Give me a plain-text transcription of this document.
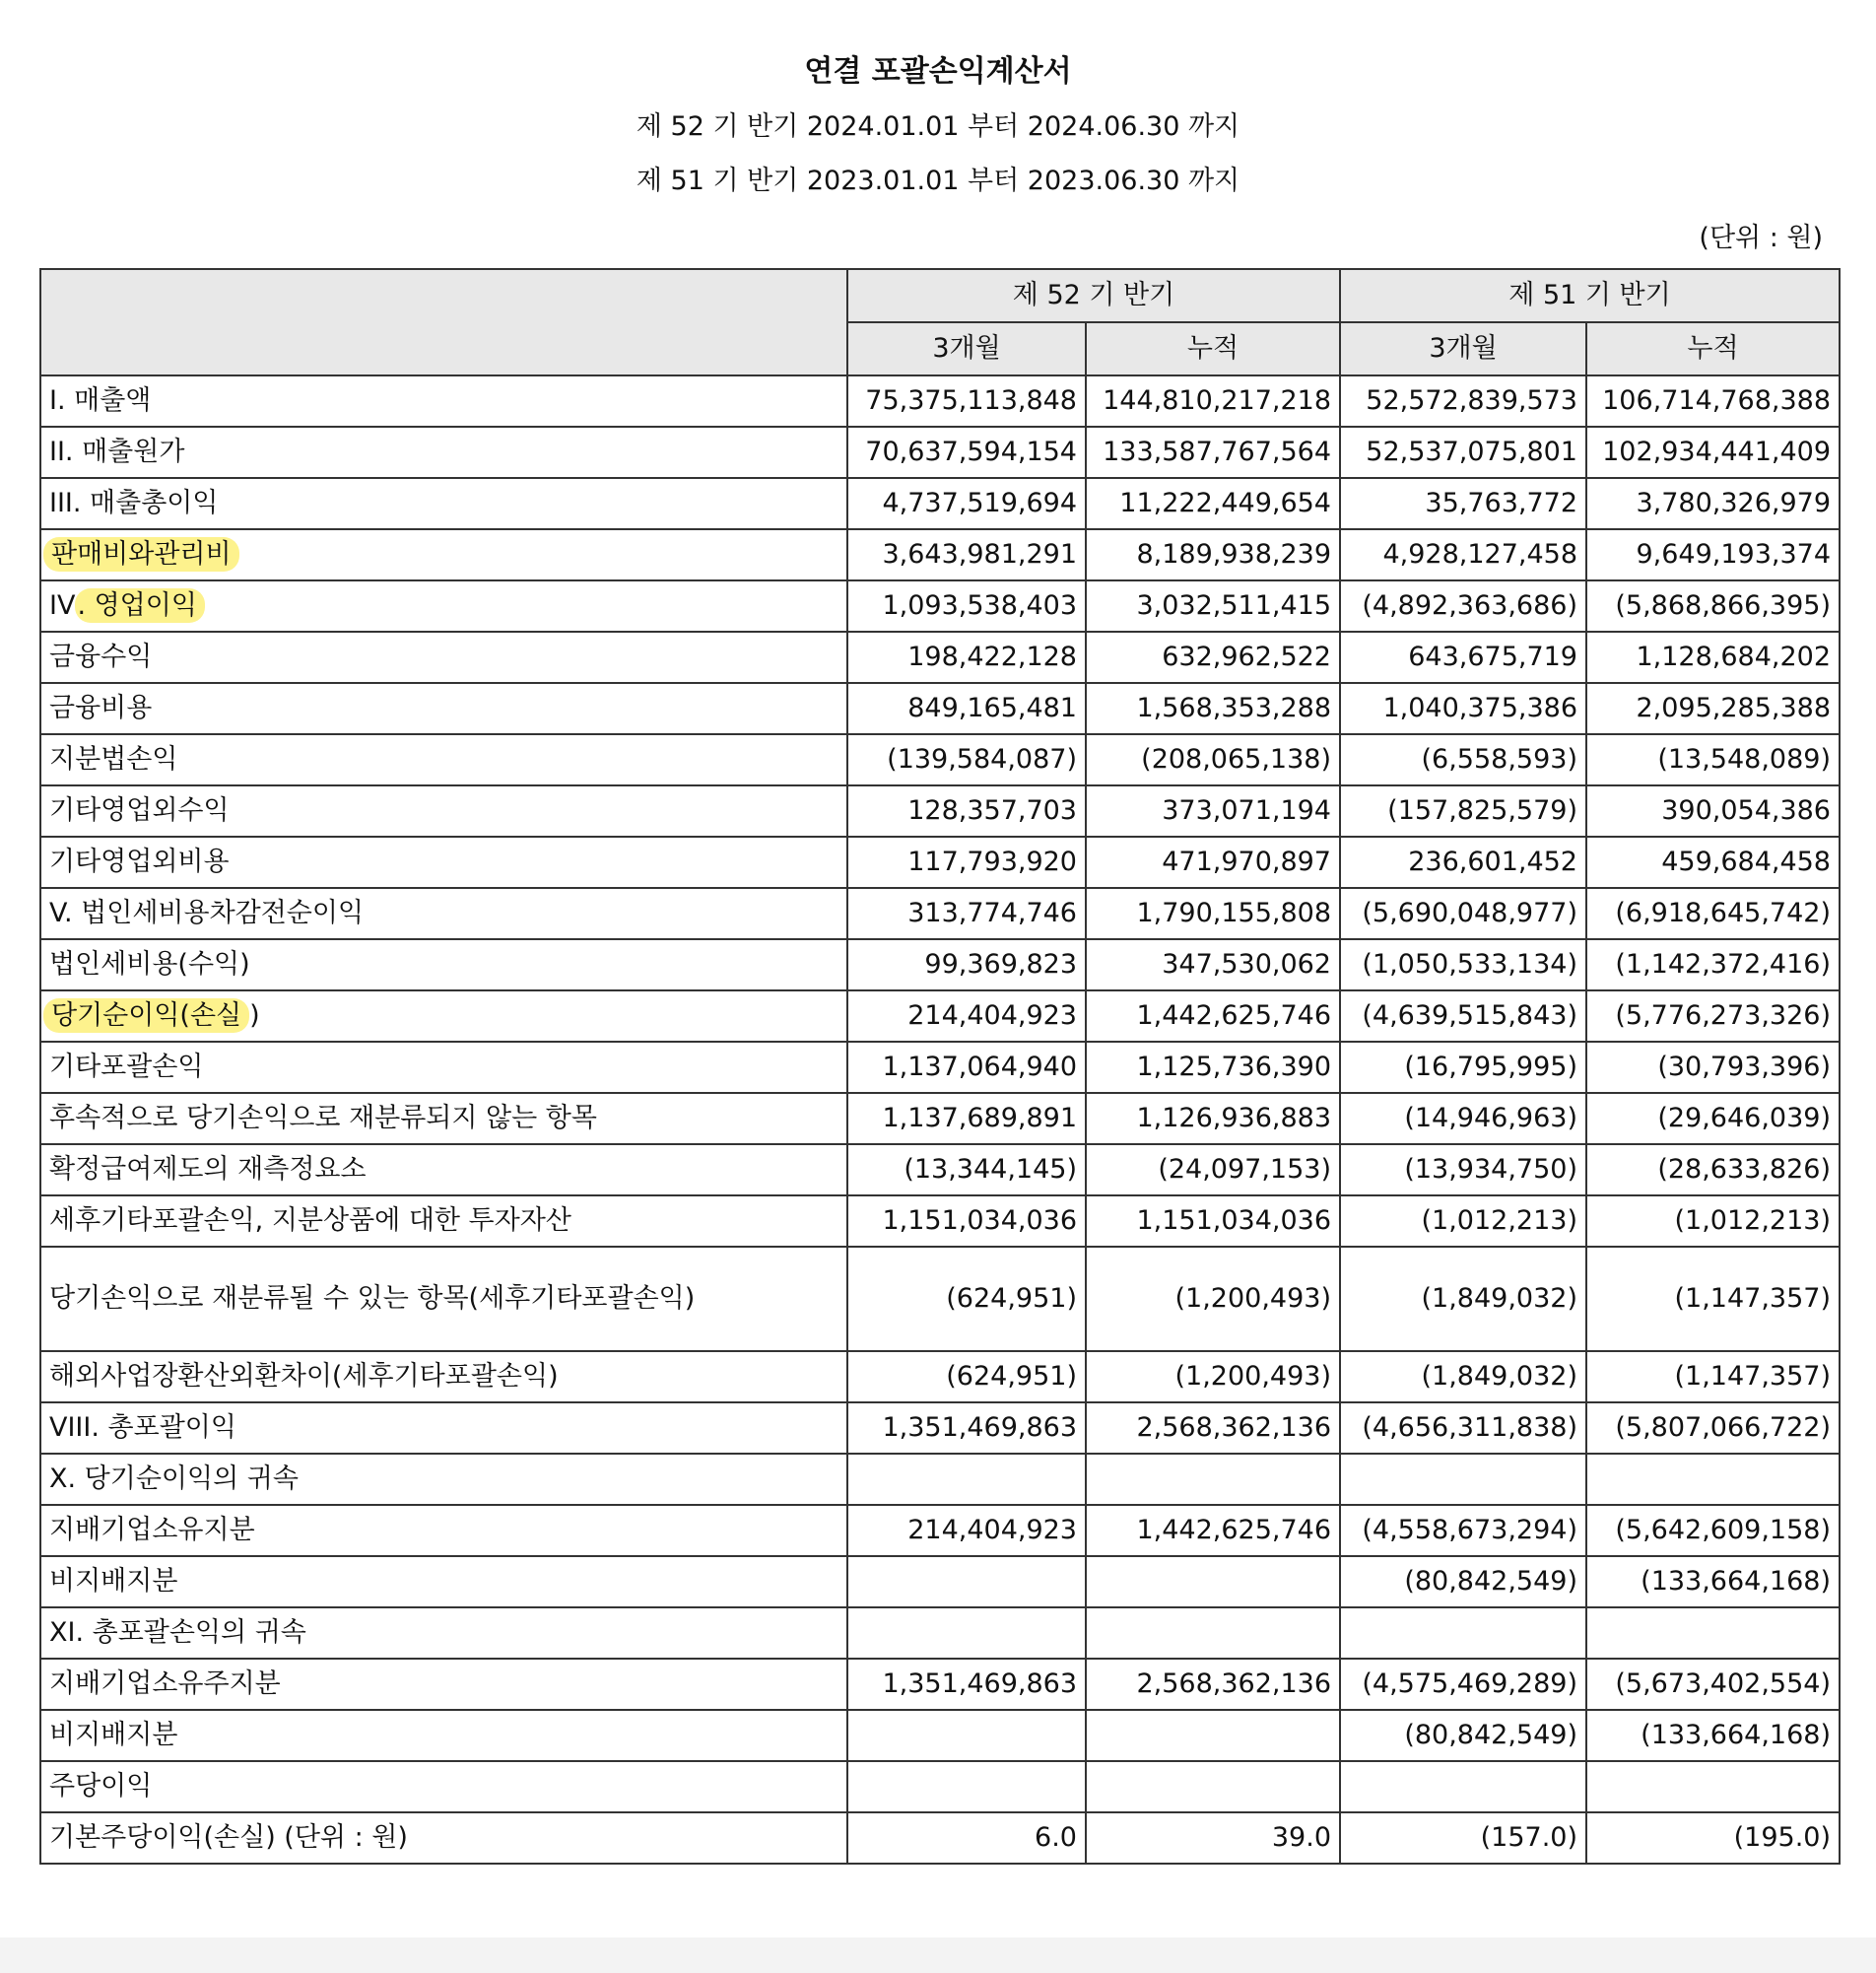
연결 포괄손익계산서
제 52 기 반기 2024.01.01 부터 2024.06.30 까지
제 51 기 반기 2023.01.01 부터 2023.06.30 까지
(단위 : 원)
	제 52 기 반기		제 51 기 반기	
	3개월	누적	3개월	누적
I. 매출액	75,375,113,848	144,810,217,218	52,572,839,573	106,714,768,388
II. 매출원가	70,637,594,154	133,587,767,564	52,537,075,801	102,934,441,409
III. 매출총이익	4,737,519,694	11,222,449,654	35,763,772	3,780,326,979
판매비와관리비	3,643,981,291	8,189,938,239	4,928,127,458	9,649,193,374
IV. 영업이익	1,093,538,403	3,032,511,415	(4,892,363,686)	(5,868,866,395)
금융수익	198,422,128	632,962,522	643,675,719	1,128,684,202
금융비용	849,165,481	1,568,353,288	1,040,375,386	2,095,285,388
지분법손익	(139,584,087)	(208,065,138)	(6,558,593)	(13,548,089)
기타영업외수익	128,357,703	373,071,194	(157,825,579)	390,054,386
기타영업외비용	117,793,920	471,970,897	236,601,452	459,684,458
V. 법인세비용차감전순이익	313,774,746	1,790,155,808	(5,690,048,977)	(6,918,645,742)
법인세비용(수익)	99,369,823	347,530,062	(1,050,533,134)	(1,142,372,416)
당기순이익(손실 )	214,404,923	1,442,625,746	(4,639,515,843)	(5,776,273,326)
기타포괄손익	1,137,064,940	1,125,736,390	(16,795,995)	(30,793,396)
후속적으로 당기손익으로 재분류되지 않는 항목	1,137,689,891	1,126,936,883	(14,946,963)	(29,646,039)
확정급여제도의 재측정요소	(13,344,145)	(24,097,153)	(13,934,750)	(28,633,826)
세후기타포괄손익, 지분상품에 대한 투자자산	1,151,034,036	1,151,034,036	(1,012,213)	(1,012,213)
당기손익으로 재분류될 수 있는 항목(세후기타포괄손익)	(624,951)	(1,200,493)	(1,849,032)	(1,147,357)
해외사업장환산외환차이(세후기타포괄손익)	(624,951)	(1,200,493)	(1,849,032)	(1,147,357)
VIII. 총포괄이익	1,351,469,863	2,568,362,136	(4,656,311,838)	(5,807,066,722)
X. 당기순이익의 귀속				
지배기업소유지분	214,404,923	1,442,625,746	(4,558,673,294)	(5,642,609,158)
비지배지분			(80,842,549)	(133,664,168)
XI. 총포괄손익의 귀속				
지배기업소유주지분	1,351,469,863	2,568,362,136	(4,575,469,289)	(5,673,402,554)
비지배지분			(80,842,549)	(133,664,168)
주당이익				
기본주당이익(손실) (단위 : 원)	6.0	39.0	(157.0)	(195.0)
